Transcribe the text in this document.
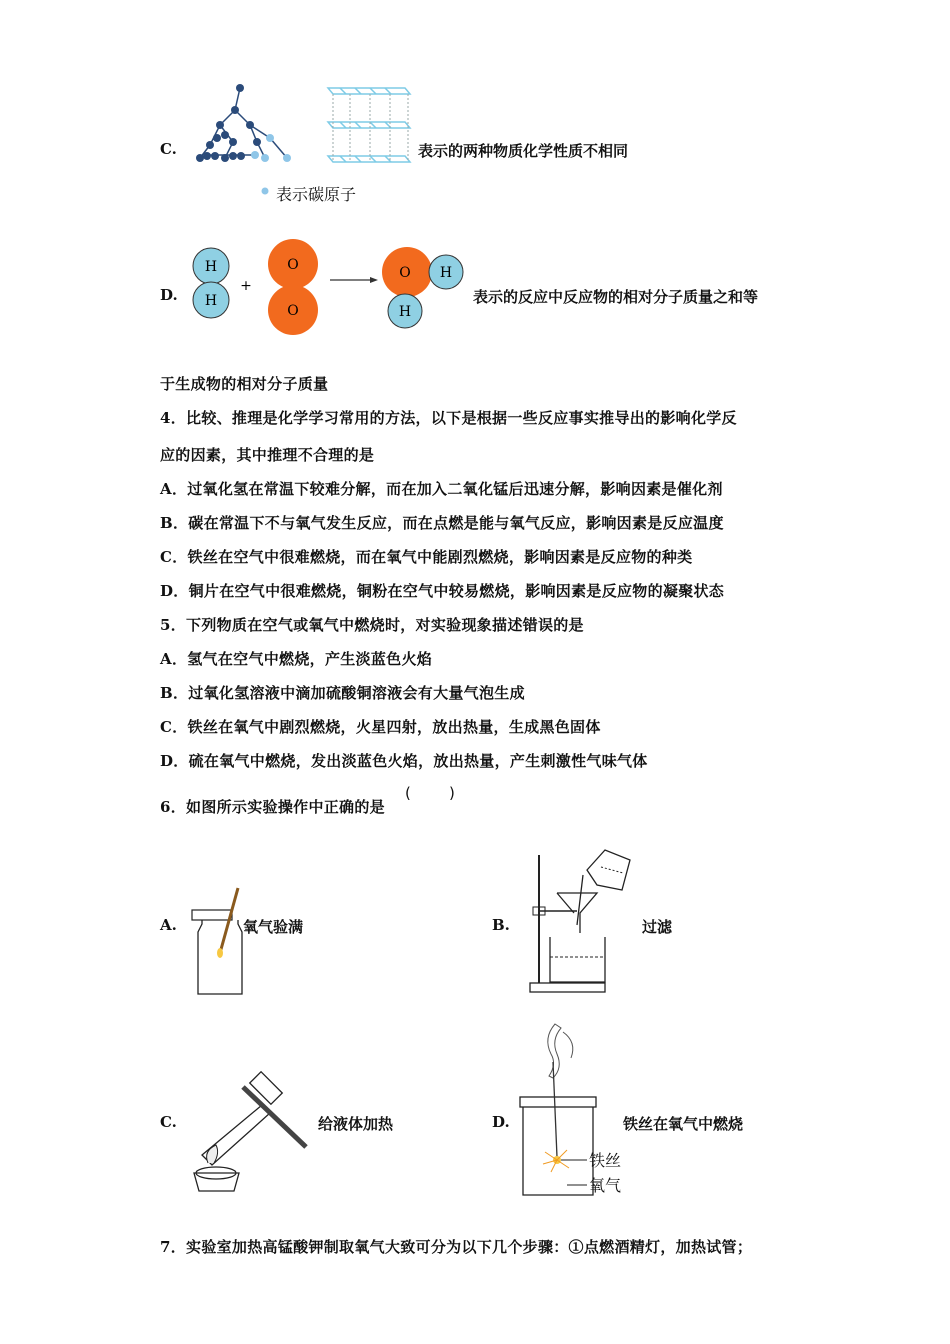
C.	表示的两种物质化学性质不相同
表示碳原子
D.
H
H
+
O
O
O H
H
表示的反应中反应物的相对分子质量之和等
于生成物的相对分子质量
4．比较、推理是化学学习常用的方法，以下是根据一些反应事实推导出的影响化学反
应的因素，其中推理不合理的是
A．过氧化氢在常温下较难分解，而在加入二氧化锰后迅速分解，影响因素是催化剂
B．碳在常温下不与氧气发生反应，而在点燃是能与氧气反应，影响因素是反应温度
C．铁丝在空气中很难燃烧，而在氧气中能剧烈燃烧，影响因素是反应物的种类
D．铜片在空气中很难燃烧，铜粉在空气中较易燃烧，影响因素是反应物的凝聚状态
5．下列物质在空气或氧气中燃烧时，对实验现象描述错误的是
A．氢气在空气中燃烧，产生淡蓝色火焰
B．过氧化氢溶液中滴加硫酸铜溶液会有大量气泡生成
C．铁丝在氧气中剧烈燃烧，火星四射，放出热量，生成黑色固体
D．硫在氧气中燃烧，发出淡蓝色火焰，放出热量，产生刺激性气味气体
6．如图所示实验操作中正确的是
(        )
A.	氧气验满	B.	过滤
C.	给液体加热	D.
铁丝
氧气
铁丝在氧气中燃烧
7．实验室加热高锰酸钾制取氧气大致可分为以下几个步骤：①点燃酒精灯，加热试管；
